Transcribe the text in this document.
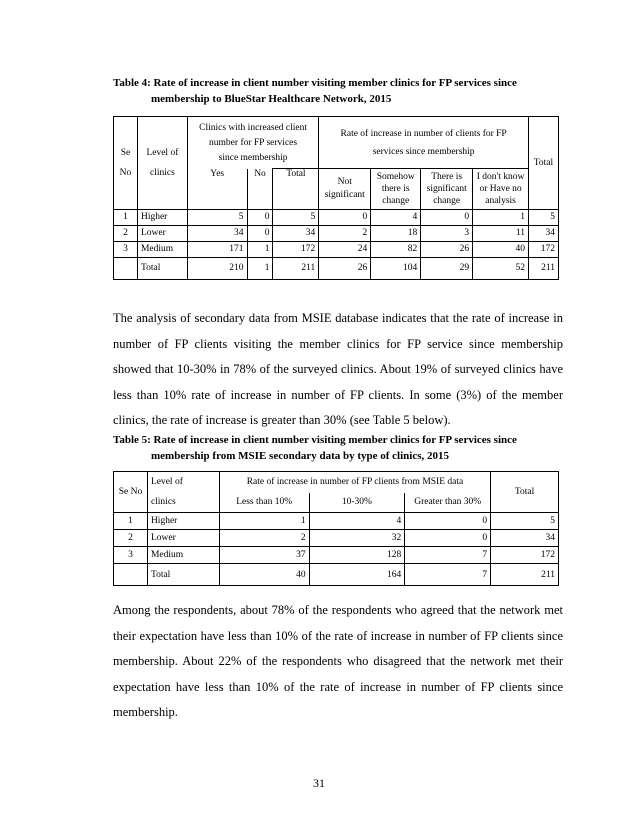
Table 4: Rate of increase in client number visiting member clinics for FP services since
membership to BlueStar Healthcare Network, 2015
		Clinics with increased client
number for FP services
since membership			Rate of increase in number of clients for FP
services since membership				Total

Se
No	Level of
clinics	Yes	No	Total	Not
significant	Somehow
there is
change	There is
significant
change	I don't know
or Have no
analysis	
1	Higher	5	0	5	0	4	0	1	5
2	Lower	34	0	34	2	18	3	11	34
3	Medium	171	1	172	24	82	26	40	172
	Total	210	1	211	26	104	29	52	211
The analysis of secondary data from MSIE database indicates that the rate of increase in number of FP clients visiting the member clinics for FP service since membership showed that 10-30% in 78% of the surveyed clinics. About 19% of surveyed clinics have less than 10% rate of increase in number of FP clients. In some (3%) of the member clinics, the rate of increase is greater than 30% (see Table 5 below).
Table 5: Rate of increase in client number visiting member clinics for FP services since
membership from MSIE secondary data by type of clinics, 2015
Se No	Level of
clinics	Rate of increase in number of FP clients from MSIE data			Total
		Less than 10%	10-30%	Greater than 30%	
1	Higher	1	4	0	5
2	Lower	2	32	0	34
3	Medium	37	128	7	172
	Total	40	164	7	211
Among the respondents, about 78% of the respondents who agreed that the network met their expectation have less than 10% of the rate of increase in number of FP clients since membership. About 22% of the respondents who disagreed that the network met their expectation have less than 10% of the rate of increase in number of FP clients since membership.
31
